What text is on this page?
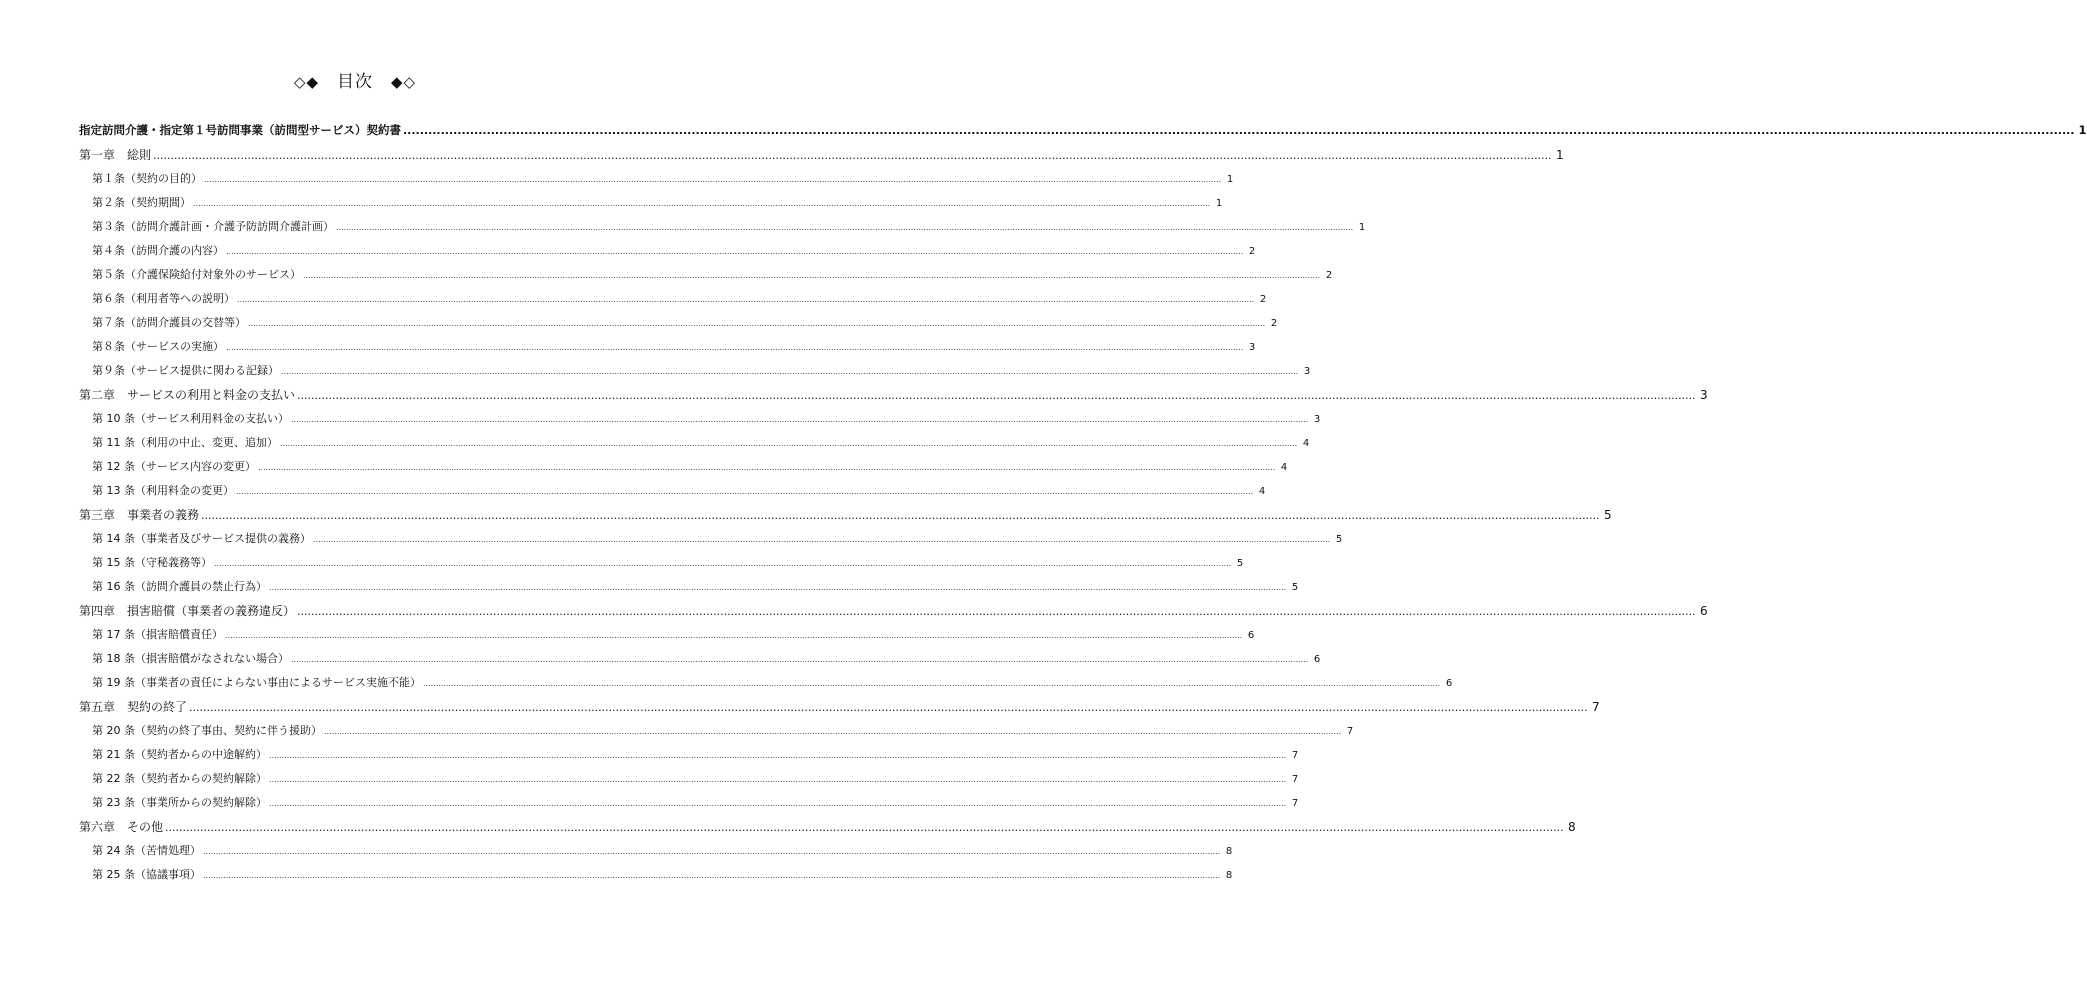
◇◆ 目次 ◆◇
指定訪問介護・指定第１号訪問事業（訪問型サービス）契約書 ................................................................................................................................................................................................................................................................................................................................................................................................................ 1
第一章　総則 ................................................................................................................................................................................................................................................................................................................................................................................................................ 1
第１条（契約の目的） ................................................................................................................................................................................................................................................................................................................................................................................................................ 1
第２条（契約期間） ................................................................................................................................................................................................................................................................................................................................................................................................................ 1
第３条（訪問介護計画・介護予防訪問介護計画） ................................................................................................................................................................................................................................................................................................................................................................................................................ 1
第４条（訪問介護の内容） ................................................................................................................................................................................................................................................................................................................................................................................................................ 2
第５条（介護保険給付対象外のサービス） ................................................................................................................................................................................................................................................................................................................................................................................................................ 2
第６条（利用者等への説明） ................................................................................................................................................................................................................................................................................................................................................................................................................ 2
第７条（訪問介護員の交替等） ................................................................................................................................................................................................................................................................................................................................................................................................................ 2
第８条（サービスの実施） ................................................................................................................................................................................................................................................................................................................................................................................................................ 3
第９条（サービス提供に関わる記録） ................................................................................................................................................................................................................................................................................................................................................................................................................ 3
第二章　サービスの利用と料金の支払い ................................................................................................................................................................................................................................................................................................................................................................................................................ 3
第 10 条（サービス利用料金の支払い） ................................................................................................................................................................................................................................................................................................................................................................................................................ 3
第 11 条（利用の中止、変更、追加） ................................................................................................................................................................................................................................................................................................................................................................................................................ 4
第 12 条（サービス内容の変更） ................................................................................................................................................................................................................................................................................................................................................................................................................ 4
第 13 条（利用料金の変更） ................................................................................................................................................................................................................................................................................................................................................................................................................ 4
第三章　事業者の義務 ................................................................................................................................................................................................................................................................................................................................................................................................................ 5
第 14 条（事業者及びサービス提供の義務） ................................................................................................................................................................................................................................................................................................................................................................................................................ 5
第 15 条（守秘義務等） ................................................................................................................................................................................................................................................................................................................................................................................................................ 5
第 16 条（訪問介護員の禁止行為） ................................................................................................................................................................................................................................................................................................................................................................................................................ 5
第四章　損害賠償（事業者の義務違反） ................................................................................................................................................................................................................................................................................................................................................................................................................ 6
第 17 条（損害賠償責任） ................................................................................................................................................................................................................................................................................................................................................................................................................ 6
第 18 条（損害賠償がなされない場合） ................................................................................................................................................................................................................................................................................................................................................................................................................ 6
第 19 条（事業者の責任によらない事由によるサービス実施不能） ................................................................................................................................................................................................................................................................................................................................................................................................................ 6
第五章　契約の終了 ................................................................................................................................................................................................................................................................................................................................................................................................................ 7
第 20 条（契約の終了事由、契約に伴う援助） ................................................................................................................................................................................................................................................................................................................................................................................................................ 7
第 21 条（契約者からの中途解約） ................................................................................................................................................................................................................................................................................................................................................................................................................ 7
第 22 条（契約者からの契約解除） ................................................................................................................................................................................................................................................................................................................................................................................................................ 7
第 23 条（事業所からの契約解除） ................................................................................................................................................................................................................................................................................................................................................................................................................ 7
第六章　その他 ................................................................................................................................................................................................................................................................................................................................................................................................................ 8
第 24 条（苦情処理） ................................................................................................................................................................................................................................................................................................................................................................................................................ 8
第 25 条（協議事項） ................................................................................................................................................................................................................................................................................................................................................................................................................ 8
